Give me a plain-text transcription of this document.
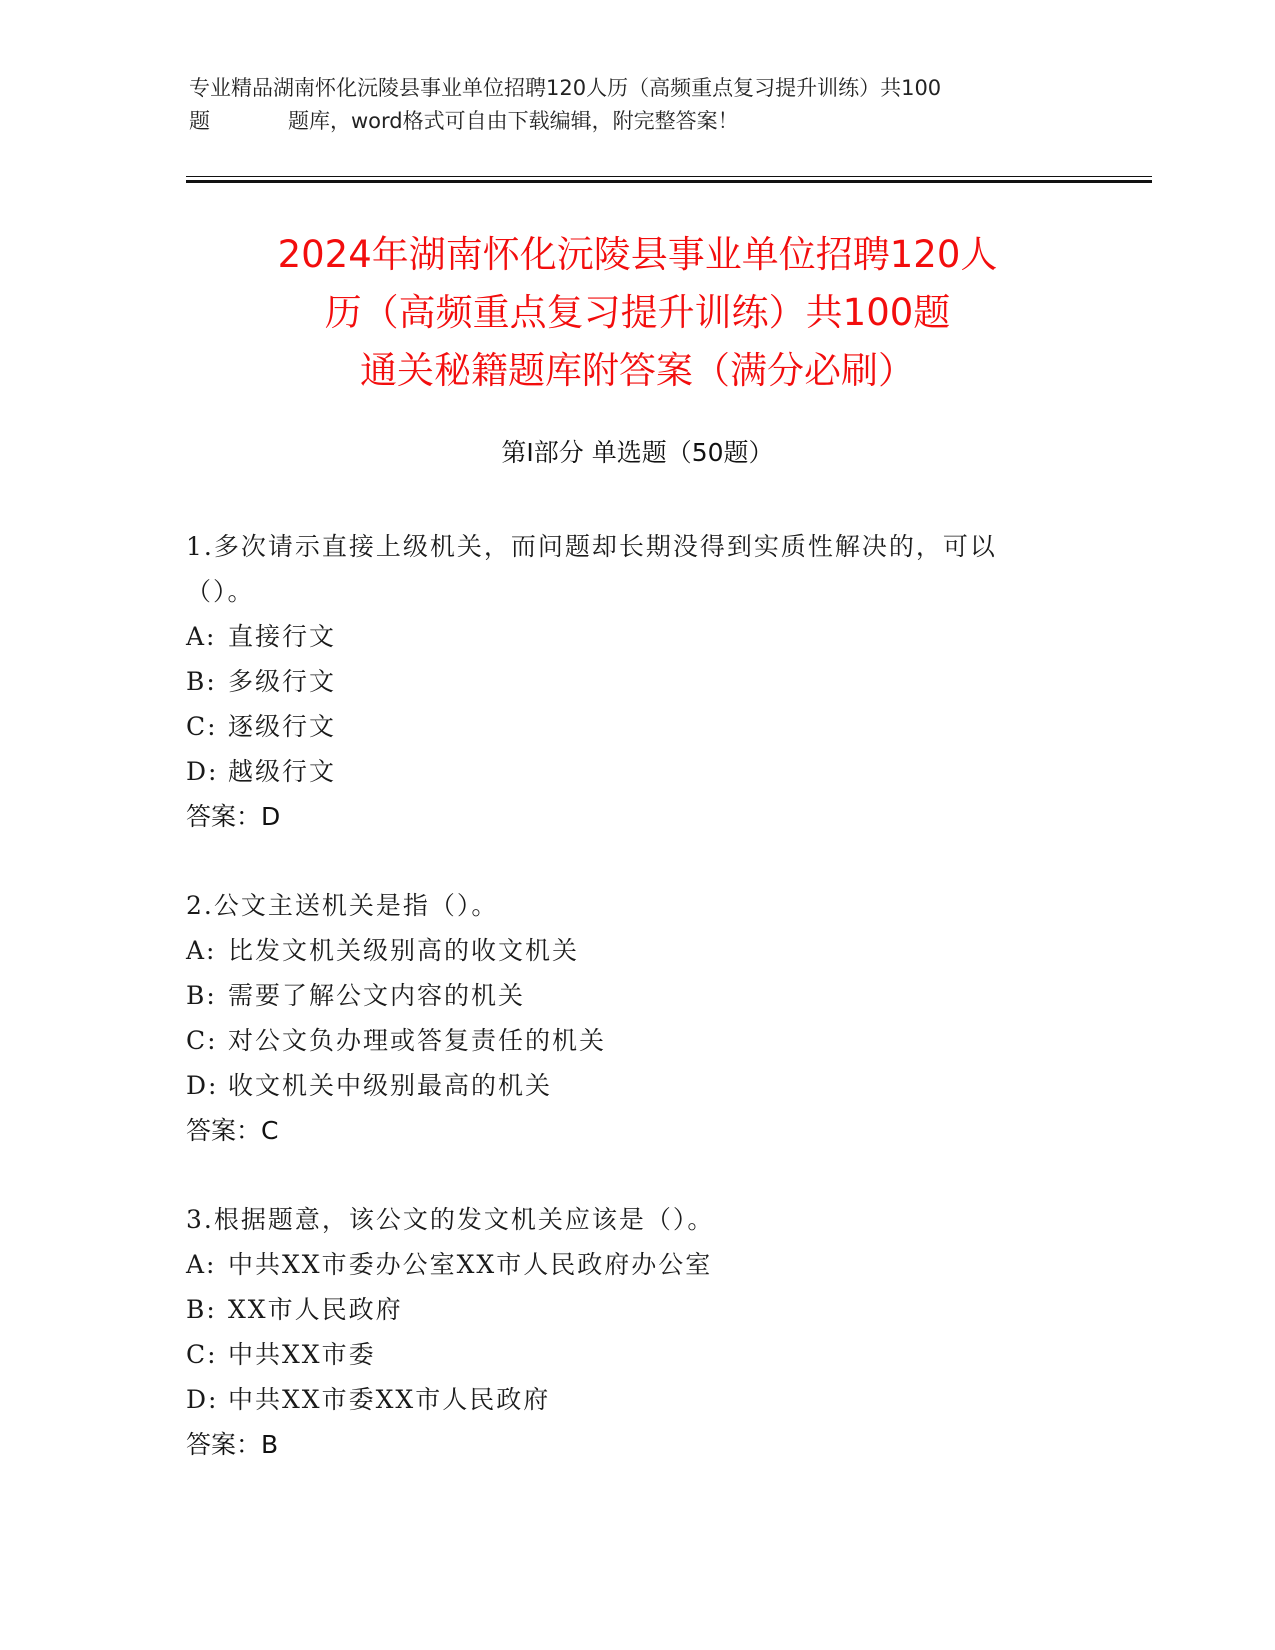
专业精品湖南怀化沅陵县事业单位招聘120人历（高频重点复习提升训练）共100
题	题库，word格式可自由下载编辑，附完整答案！
2024年湖南怀化沅陵县事业单位招聘120人
历（高频重点复习提升训练）共100题
通关秘籍题库附答案（满分必刷）
第Ⅰ部分 单选题（50题）
1.多次请示直接上级机关，而问题却长期没得到实质性解决的，可以
（）。
A: 直接行文
B: 多级行文
C: 逐级行文
D: 越级行文
答案：D
2.公文主送机关是指（）。
A: 比发文机关级别高的收文机关
B: 需要了解公文内容的机关
C: 对公文负办理或答复责任的机关
D: 收文机关中级别最高的机关
答案：C
3.根据题意，该公文的发文机关应该是（）。
A: 中共XX市委办公室XX市人民政府办公室
B: XX市人民政府
C: 中共XX市委
D: 中共XX市委XX市人民政府
答案：B
